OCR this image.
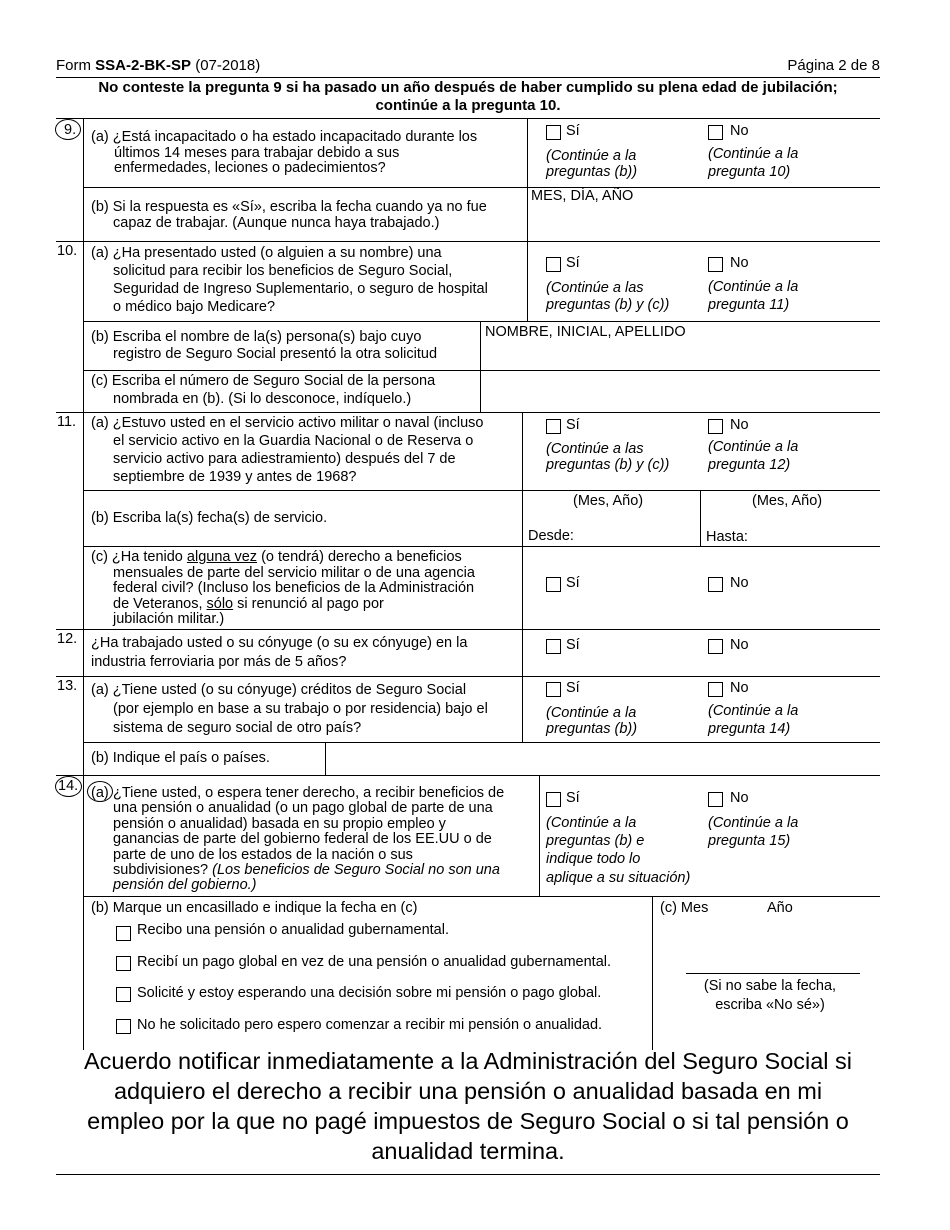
Form SSA-2-BK-SP (07-2018)	Página 2 de 8
No conteste la pregunta 9 si ha pasado un año después de haber cumplido su plena edad de jubilación;
continúe a la pregunta 10.
9. (a) ¿Está incapacitado o ha estado incapacitado durante los
últimos 14 meses para trabajar debido a sus
enfermedades, leciones o padecimientos?
Sí	No
(Continúe a la
preguntas (b))
(Continúe a la
pregunta 10)
(b) Si la respuesta es «Sí», escriba la fecha cuando ya no fue
capaz de trabajar. (Aunque nunca haya trabajado.)
MES, DÍA, AÑO
10. (a) ¿Ha presentado usted (o alguien a su nombre) una
solicitud para recibir los beneficios de Seguro Social,
Seguridad de Ingreso Suplementario, o seguro de hospital
o médico bajo Medicare?
Sí	No
(Continúe a las
preguntas (b) y (c))
(Continúe a la
pregunta 11)
(b) Escriba el nombre de la(s) persona(s) bajo cuyo
registro de Seguro Social presentó la otra solicitud
NOMBRE, INICIAL, APELLIDO
(c) Escriba el número de Seguro Social de la persona
nombrada en (b). (Si lo desconoce, indíquelo.)
11. (a) ¿Estuvo usted en el servicio activo militar o naval (incluso
el servicio activo en la Guardia Nacional o de Reserva o
servicio activo para adiestramiento) después del 7 de
septiembre de 1939 y antes de 1968?
Sí	No
(Continúe a las
preguntas (b) y (c))
(Continúe a la
pregunta 12)
(b) Escriba la(s) fecha(s) de servicio.
(Mes, Año)	(Mes, Año)
Desde:	Hasta:
(c) ¿Ha tenido alguna vez (o tendrá) derecho a beneficios
mensuales de parte del servicio militar o de una agencia
federal civil? (Incluso los beneficios de la Administración
de Veteranos, sólo si renunció al pago por
jubilación militar.)
Sí	No
12. ¿Ha trabajado usted o su cónyuge (o su ex cónyuge) en la
industria ferroviaria por más de 5 años?
Sí	No
13. (a) ¿Tiene usted (o su cónyuge) créditos de Seguro Social
(por ejemplo en base a su trabajo o por residencia) bajo el
sistema de seguro social de otro país?
Sí	No
(Continúe a la
preguntas (b))
(Continúe a la
pregunta 14)
(b) Indique el país o países.
14. (a) ¿Tiene usted, o espera tener derecho, a recibir beneficios de
una pensión o anualidad (o un pago global de parte de una
pensión o anualidad) basada en su propio empleo y
ganancias de parte del gobierno federal de los EE.UU o de
parte de uno de los estados de la nación o sus
subdivisiones? (Los beneficios de Seguro Social no son una
pensión del gobierno.)
Sí	No
(Continúe a la
preguntas (b) e
indique todo lo
aplique a su situación)
(Continúe a la
pregunta 15)
(b) Marque un encasillado e indique la fecha en (c)
Recibo una pensión o anualidad gubernamental.
Recibí un pago global en vez de una pensión o anualidad gubernamental.
Solicité y estoy esperando una decisión sobre mi pensión o pago global.
No he solicitado pero espero comenzar a recibir mi pensión o anualidad.
(c) Mes	Año
(Si no sabe la fecha,
escriba «No sé»)
Acuerdo notificar inmediatamente a la Administración del Seguro Social si
adquiero el derecho a recibir una pensión o anualidad basada en mi
empleo por la que no pagé impuestos de Seguro Social o si tal pensión o
anualidad termina.
